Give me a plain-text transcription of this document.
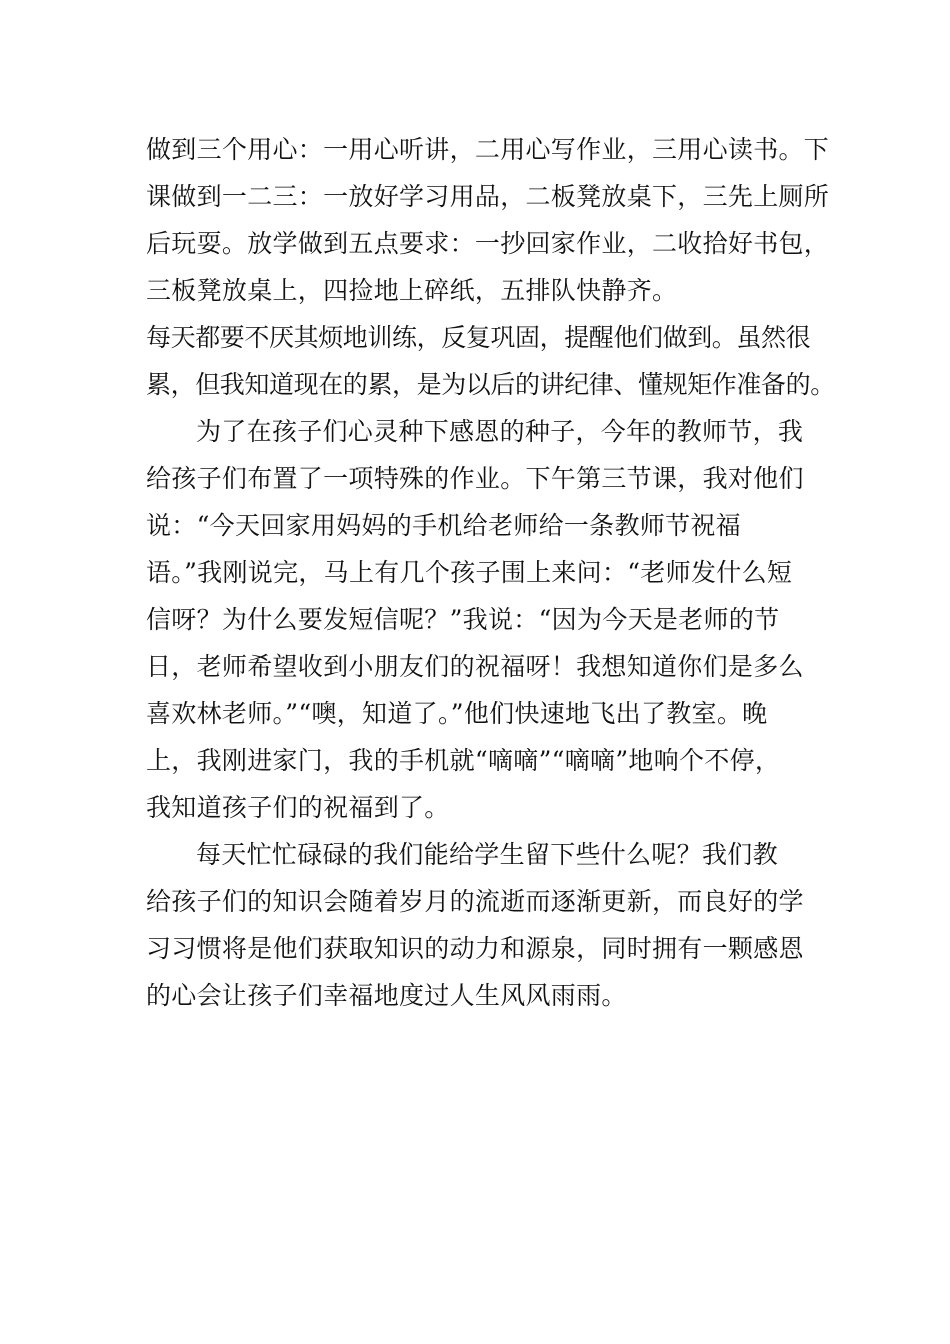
做到三个用心：一用心听讲，二用心写作业，三用心读书。下
课做到一二三：一放好学习用品，二板凳放桌下，三先上厕所
后玩耍。放学做到五点要求：一抄回家作业，二收拾好书包，
三板凳放桌上，四捡地上碎纸，五排队快静齐。
每天都要不厌其烦地训练，反复巩固，提醒他们做到。虽然很
累，但我知道现在的累，是为以后的讲纪律、懂规矩作准备的。
为了在孩子们心灵种下感恩的种子，今年的教师节，我
给孩子们布置了一项特殊的作业。下午第三节课，我对他们
说：“今天回家用妈妈的手机给老师给一条教师节祝福
语。”我刚说完，马上有几个孩子围上来问：“老师发什么短
信呀？为什么要发短信呢？”我说：“因为今天是老师的节
日，老师希望收到小朋友们的祝福呀！我想知道你们是多么
喜欢林老师。”“噢，知道了。”他们快速地飞出了教室。晚
上，我刚进家门，我的手机就“嘀嘀”“嘀嘀”地响个不停，
我知道孩子们的祝福到了。
每天忙忙碌碌的我们能给学生留下些什么呢？我们教
给孩子们的知识会随着岁月的流逝而逐渐更新，而良好的学
习习惯将是他们获取知识的动力和源泉，同时拥有一颗感恩
的心会让孩子们幸福地度过人生风风雨雨。
